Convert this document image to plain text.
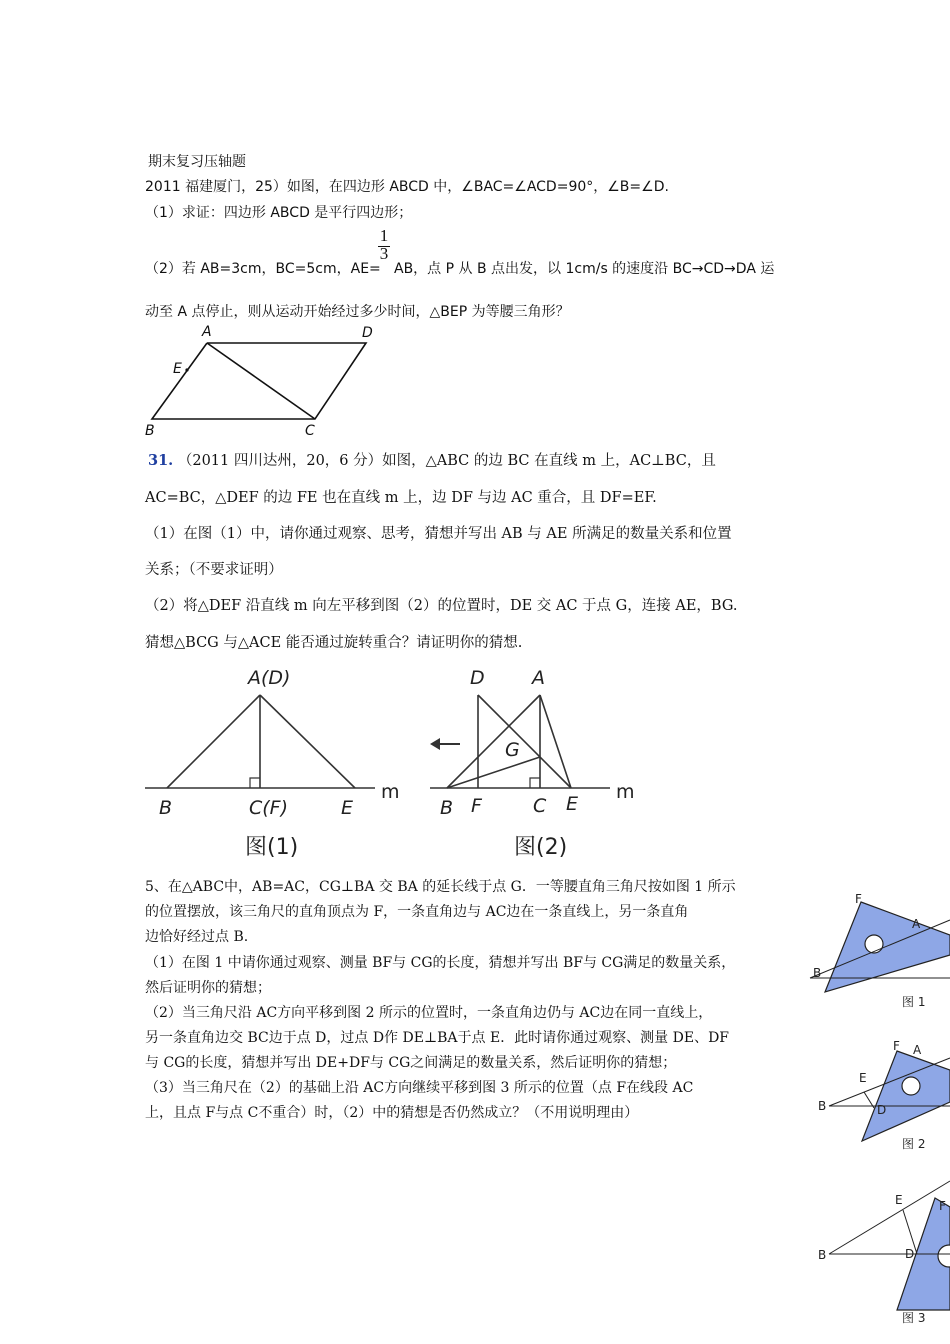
期末复习压轴题
2011 福建厦门，25）如图，在四边形 ABCD 中，∠BAC=∠ACD=90°，∠B=∠D.
（1）求证：四边形 ABCD 是平行四边形；
1
3
（2）若 AB=3cm，BC=5cm，AE= AB，点 P 从 B 点出发，以 1cm/s 的速度沿 BC→CD→DA 运
动至 A 点停止，则从运动开始经过多少时间，△BEP 为等腰三角形？
A	D
E
B	C
31. （2011 四川达州，20，6 分）如图，△ABC 的边 BC 在直线 m 上，AC⊥BC，且
AC=BC，△DEF 的边 FE 也在直线 m 上，边 DF 与边 AC 重合，且 DF=EF.
（1）在图（1）中，请你通过观察、思考，猜想并写出 AB 与 AE 所满足的数量关系和位置
关系；（不要求证明）
（2）将△DEF 沿直线 m 向左平移到图（2）的位置时，DE 交 AC 于点 G，连接 AE，BG.
猜想△BCG 与△ACE 能否通过旋转重合？请证明你的猜想.
A(D)
B	C(F)	E
m
图(1)
D A
G
B F	C E
m
图(2)
5、在△ABC中，AB=AC，CG⊥BA 交 BA 的延长线于点 G．一等腰直角三角尺按如图 1 所示
的位置摆放，该三角尺的直角顶点为 F，一条直角边与 AC边在一条直线上，另一条直角
边恰好经过点 B.
（1）在图 1 中请你通过观察、测量 BF与 CG的长度，猜想并写出 BF与 CG满足的数量关系，
然后证明你的猜想；
（2）当三角尺沿 AC方向平移到图 2 所示的位置时，一条直角边仍与 AC边在同一直线上，
另一条直角边交 BC边于点 D，过点 D作 DE⊥BA于点 E．此时请你通过观察、测量 DE、DF
与 CG的长度，猜想并写出 DE+DF与 CG之间满足的数量关系，然后证明你的猜想；
（3）当三角尺在（2）的基础上沿 AC方向继续平移到图 3 所示的位置（点 F在线段 AC
上，且点 F与点 C不重合）时，（2）中的猜想是否仍然成立？（不用说明理由）
F
A
B
图 1
F A
E
B	D
图 2
E	F
B	D
图 3
